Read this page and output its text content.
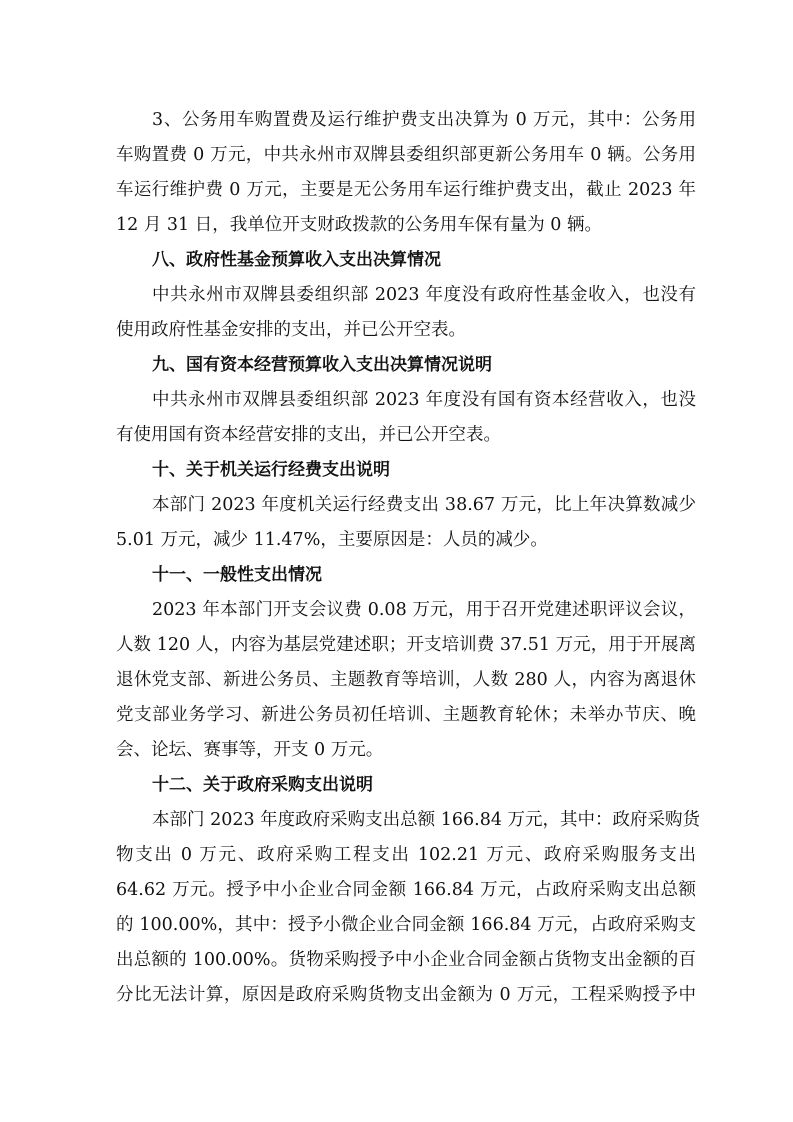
3、公务用车购置费及运行维护费支出决算为 0 万元，其中：公务用
车购置费 0 万元，中共永州市双牌县委组织部更新公务用车 0 辆。公务用
车运行维护费 0 万元，主要是无公务用车运行维护费支出，截止 2023 年
12 月 31 日，我单位开支财政拨款的公务用车保有量为 0 辆。
八、政府性基金预算收入支出决算情况
中共永州市双牌县委组织部 2023 年度没有政府性基金收入，也没有
使用政府性基金安排的支出，并已公开空表。
九、国有资本经营预算收入支出决算情况说明
中共永州市双牌县委组织部 2023 年度没有国有资本经营收入，也没
有使用国有资本经营安排的支出，并已公开空表。
十、关于机关运行经费支出说明
本部门 2023 年度机关运行经费支出 38.67 万元，比上年决算数减少
5.01 万元，减少 11.47%，主要原因是：人员的减少。
十一、一般性支出情况
2023 年本部门开支会议费 0.08 万元，用于召开党建述职评议会议，
人数 120 人，内容为基层党建述职；开支培训费 37.51 万元，用于开展离
退休党支部、新进公务员、主题教育等培训，人数 280 人，内容为离退休
党支部业务学习、新进公务员初任培训、主题教育轮休；未举办节庆、晚
会、论坛、赛事等，开支 0 万元。
十二、关于政府采购支出说明
本部门 2023 年度政府采购支出总额 166.84 万元，其中：政府采购货
物支出 0 万元、政府采购工程支出 102.21 万元、政府采购服务支出
64.62 万元。授予中小企业合同金额 166.84 万元，占政府采购支出总额
的 100.00%，其中：授予小微企业合同金额 166.84 万元，占政府采购支
出总额的 100.00%。货物采购授予中小企业合同金额占货物支出金额的百
分比无法计算，原因是政府采购货物支出金额为 0 万元，工程采购授予中
